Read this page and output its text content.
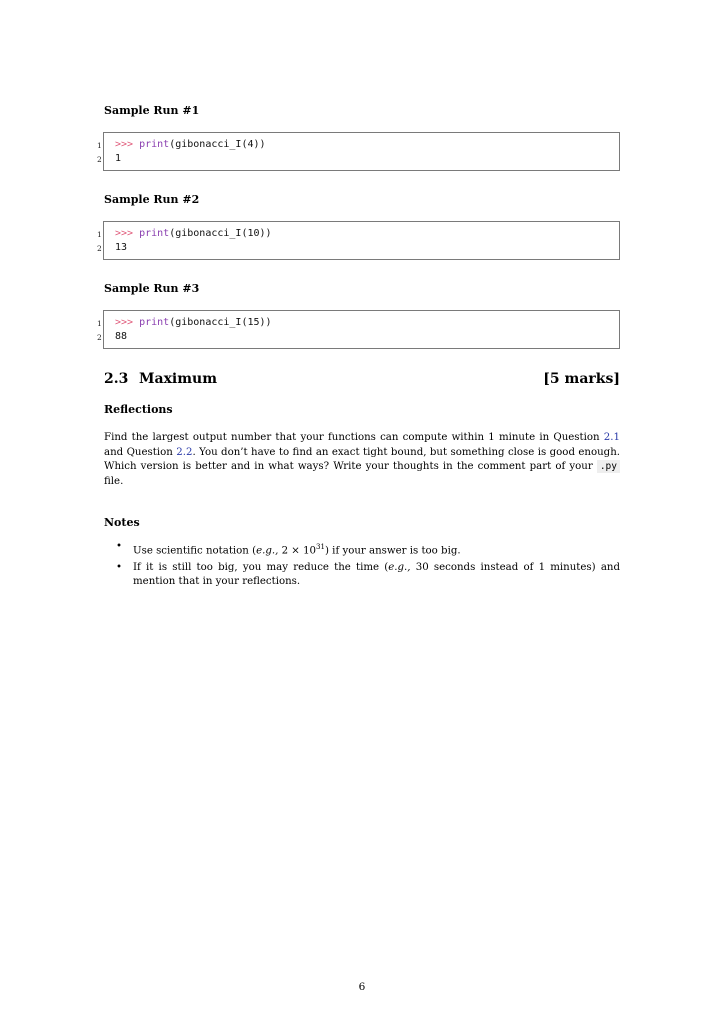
Sample Run #1
1 >>> print(gibonacci_I(4))
2 1
Sample Run #2
1 >>> print(gibonacci_I(10))
2 13
Sample Run #3
1 >>> print(gibonacci_I(15))
2 88
2.3 Maximum	[5 marks]
Reflections
Find the largest output number that your functions can compute within 1 minute in Question 2.1 and Question 2.2. You don’t have to find an exact tight bound, but something close is good enough. Which version is better and in what ways? Write your thoughts in the comment part of your .py file.
Notes
• Use scientific notation (e.g., $2 \times 10^{31}$) if your answer is too big.
• If it is still too big, you may reduce the time (e.g., 30 seconds instead of 1 minutes) and mention that in your reflections.
6
